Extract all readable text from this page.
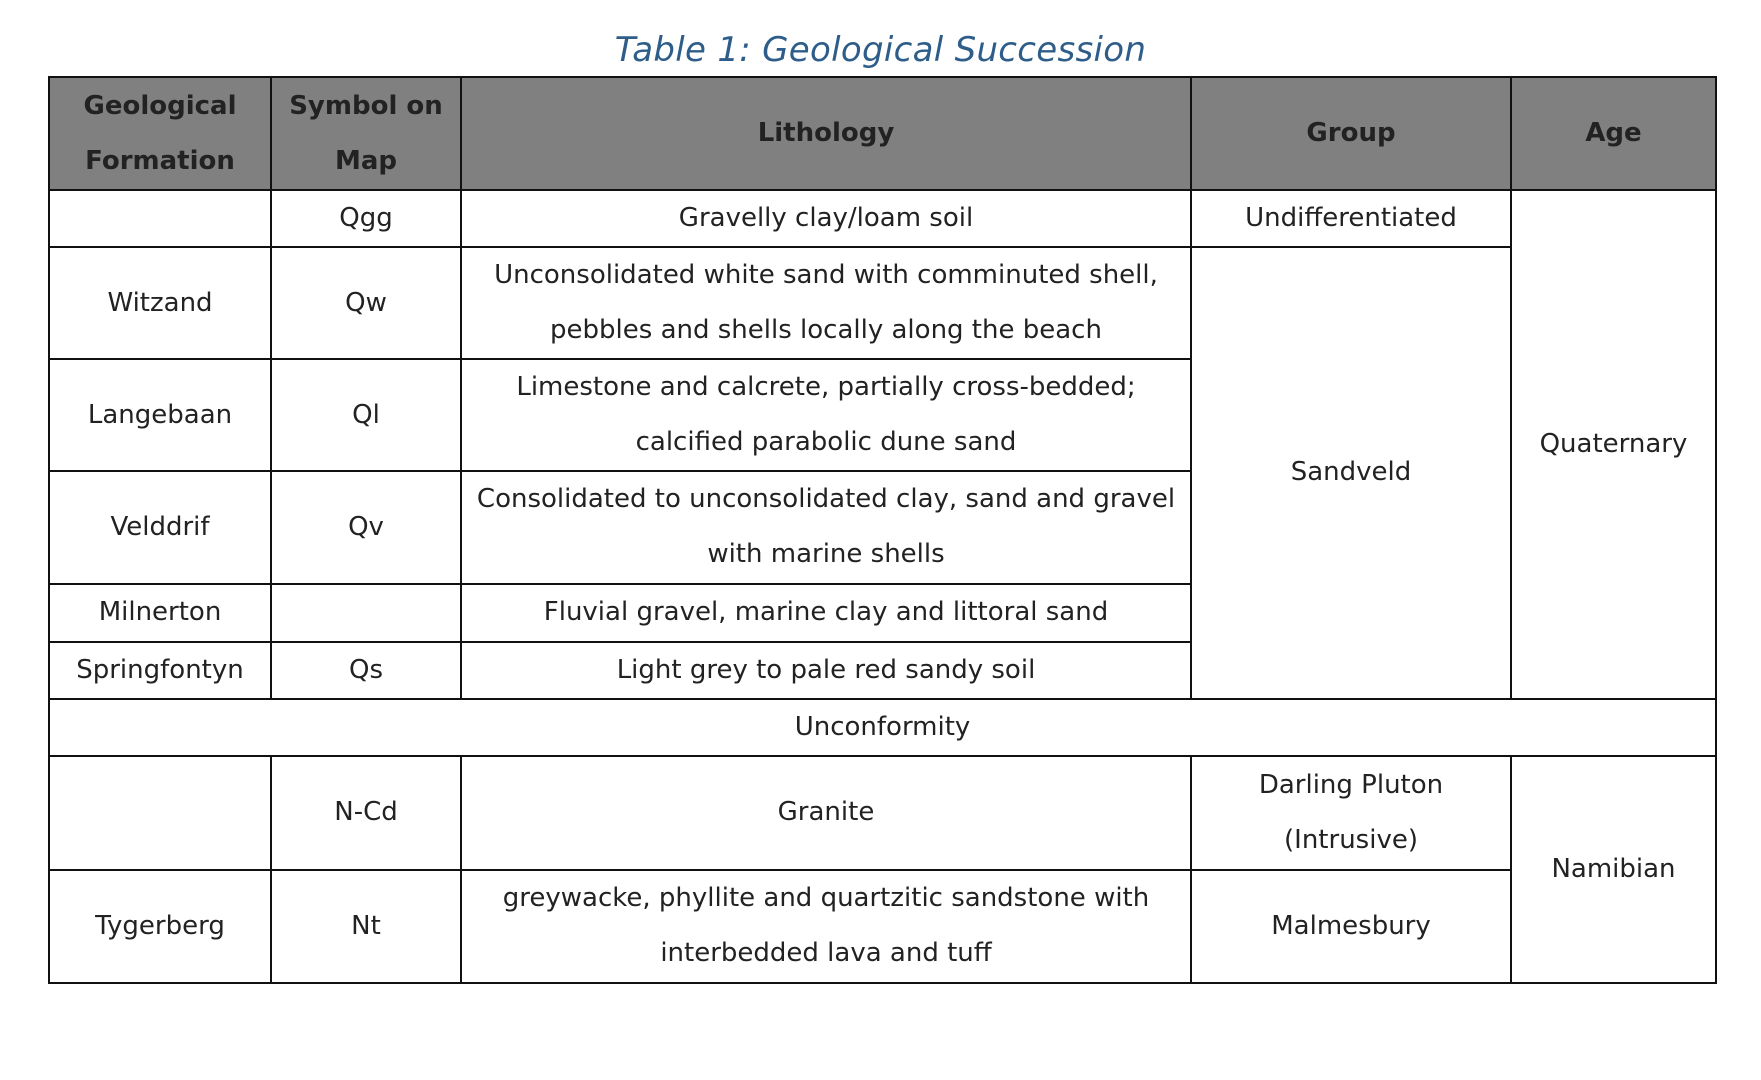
Table 1: Geological Succession
Geological Formation	Symbol on Map	Lithology	Group	Age
	Qgg	Gravelly clay/loam soil	Undifferentiated	Quaternary
Witzand	Qw	Unconsolidated white sand with comminuted shell, pebbles and shells locally along the beach	Sandveld	
Langebaan	Ql	Limestone and calcrete, partially cross-bedded; calcified parabolic dune sand		
Velddrif	Qv	Consolidated to unconsolidated clay, sand and gravel with marine shells		
Milnerton		Fluvial gravel, marine clay and littoral sand		
Springfontyn	Qs	Light grey to pale red sandy soil		
Unconformity				
	N-Cd	Granite	Darling Pluton (Intrusive)	Namibian
Tygerberg	Nt	greywacke, phyllite and quartzitic sandstone with interbedded lava and tuff	Malmesbury	
